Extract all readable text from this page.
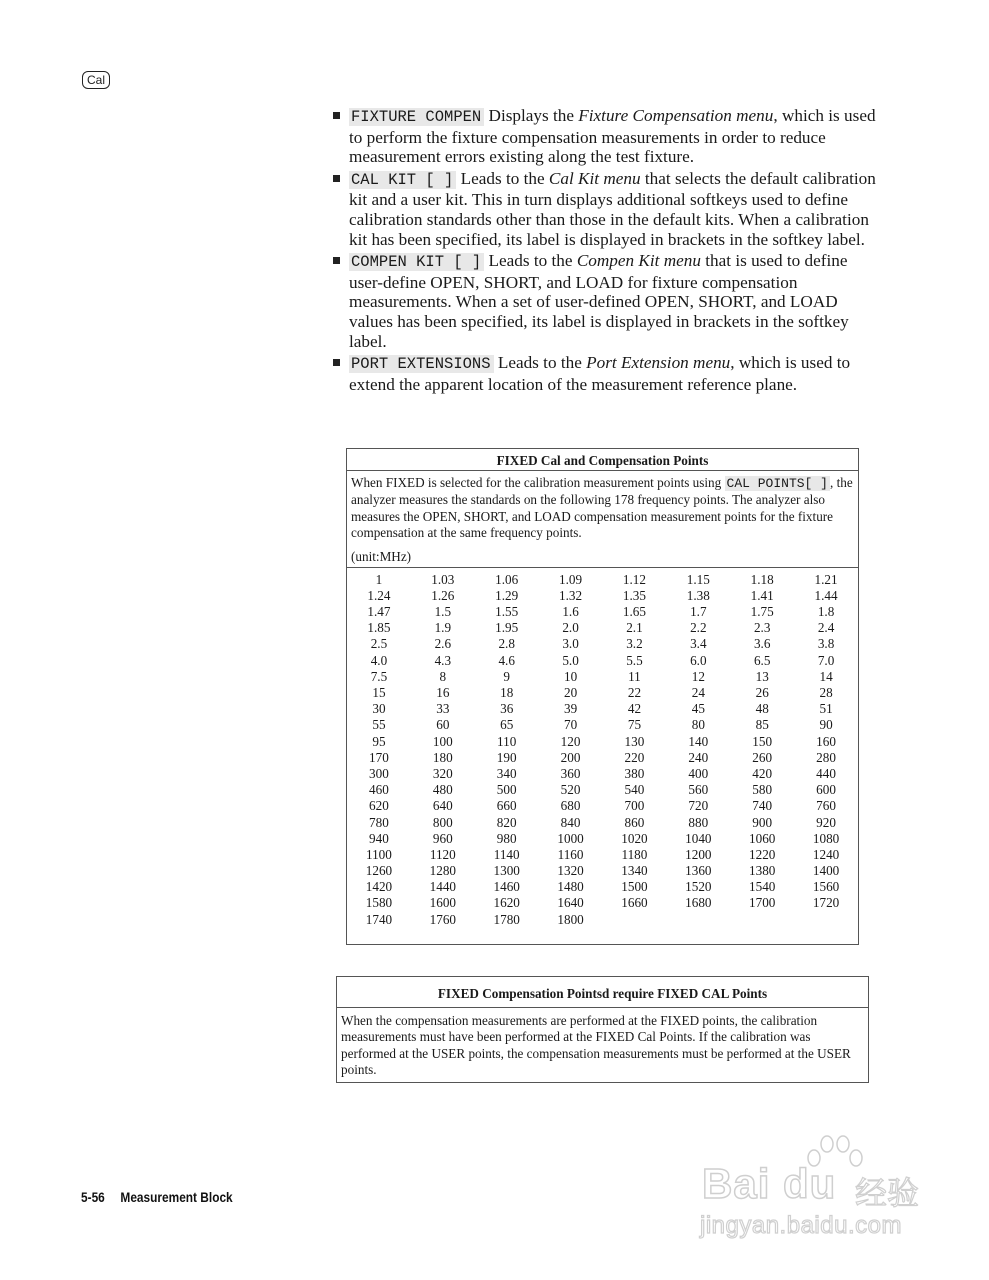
Cal
FIXTURE COMPEN Displays the Fixture Compensation menu, which is used to perform the fixture compensation measurements in order to reduce measurement errors existing along the test fixture.
CAL KIT [ ] Leads to the Cal Kit menu that selects the default calibration kit and a user kit. This in turn displays additional softkeys used to define calibration standards other than those in the default kits. When a calibration kit has been specified, its label is displayed in brackets in the softkey label.
COMPEN KIT [ ] Leads to the Compen Kit menu that is used to define user-define OPEN, SHORT, and LOAD for fixture compensation measurements. When a set of user-defined OPEN, SHORT, and LOAD values has been specified, its label is displayed in brackets in the softkey label.
PORT EXTENSIONS Leads to the Port Extension menu, which is used to extend the apparent location of the measurement reference plane.
FIXED Cal and Compensation Points
When FIXED is selected for the calibration measurement points using CAL POINTS[ ] , the analyzer measures the standards on the following 178 frequency points. The analyzer also measures the OPEN, SHORT, and LOAD compensation measurement points for the fixture compensation at the same frequency points.
(unit:MHz)
1	1.03	1.06	1.09	1.12	1.15	1.18	1.21
1.24	1.26	1.29	1.32	1.35	1.38	1.41	1.44
1.47	1.5	1.55	1.6	1.65	1.7	1.75	1.8
1.85	1.9	1.95	2.0	2.1	2.2	2.3	2.4
2.5	2.6	2.8	3.0	3.2	3.4	3.6	3.8
4.0	4.3	4.6	5.0	5.5	6.0	6.5	7.0
7.5	8	9	10	11	12	13	14
15	16	18	20	22	24	26	28
30	33	36	39	42	45	48	51
55	60	65	70	75	80	85	90
95	100	110	120	130	140	150	160
170	180	190	200	220	240	260	280
300	320	340	360	380	400	420	440
460	480	500	520	540	560	580	600
620	640	660	680	700	720	740	760
780	800	820	840	860	880	900	920
940	960	980	1000	1020	1040	1060	1080
1100	1120	1140	1160	1180	1200	1220	1240
1260	1280	1300	1320	1340	1360	1380	1400
1420	1440	1460	1480	1500	1520	1540	1560
1580	1600	1620	1640	1660	1680	1700	1720
1740	1760	1780	1800				
FIXED Compensation Pointsd require FIXED CAL Points
When the compensation measurements are performed at the FIXED points, the calibration measurements must have been performed at the FIXED Cal Points. If the calibration was performed at the USER points, the compensation measurements must be performed at the USER points.
5-56 Measurement Block	Bai du 经验
jingyan.baidu.com
